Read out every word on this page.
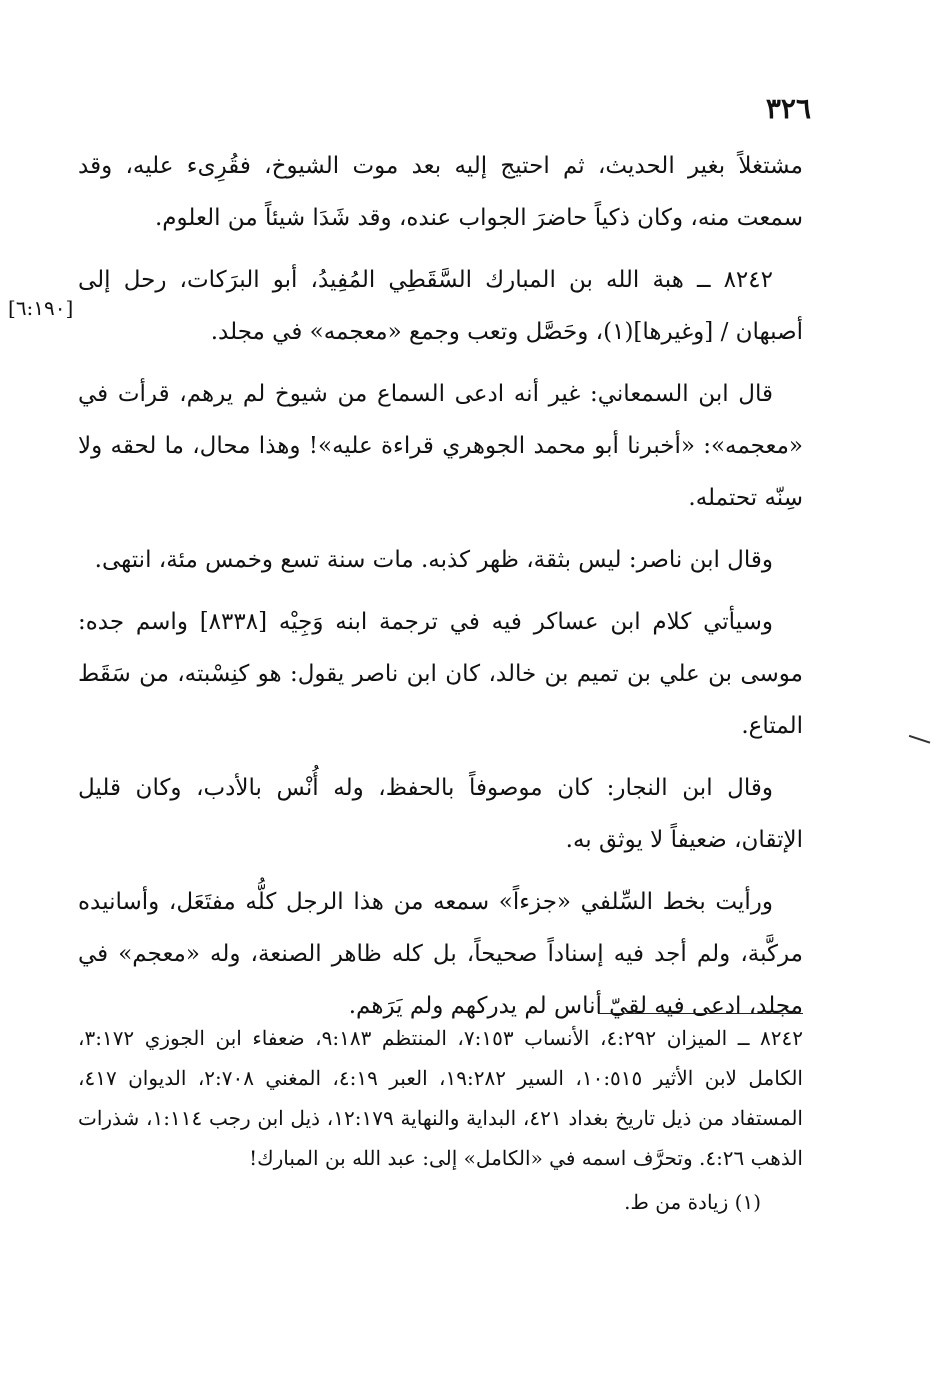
٣٢٦
[٦:١٩٠]

مشتغلاً بغير الحديث، ثم احتيج إليه بعد موت الشيوخ، فقُرِىء عليه، وقد سمعت منه، وكان ذكياً حاضرَ الجواب عنده، وقد شَدَا شيئاً من العلوم.

٨٢٤٢ ــ هبة الله بن المبارك السَّقَطِي المُفِيدُ، أبو البرَكات، رحل إلى أصبهان / [وغيرها](١)، وحَصَّل وتعب وجمع «معجمه» في مجلد.

قال ابن السمعاني: غير أنه ادعى السماع من شيوخ لم يرهم، قرأت في «معجمه»: «أخبرنا أبو محمد الجوهري قراءة عليه»! وهذا محال، ما لحقه ولا سِنّه تحتمله.

وقال ابن ناصر: ليس بثقة، ظهر كذبه. مات سنة تسع وخمس مئة، انتهى.

وسيأتي كلام ابن عساكر فيه في ترجمة ابنه وَجِيْه [٨٣٣٨] واسم جده: موسى بن علي بن تميم بن خالد، كان ابن ناصر يقول: هو كنِسْبته، من سَقَط المتاع.

وقال ابن النجار: كان موصوفاً بالحفظ، وله أُنْس بالأدب، وكان قليل الإتقان، ضعيفاً لا يوثق به.

ورأيت بخط السِّلفي «جزءاً» سمعه من هذا الرجل كلُّه مفتَعَل، وأسانيده مركَّبة، ولم أجد فيه إسناداً صحيحاً، بل كله ظاهر الصنعة، وله «معجم» في مجلد، ادعى فيه لقيّ أناس لم يدركهم ولم يَرَهم.

٨٢٤٢ ــ الميزان ٤:٢٩٢، الأنساب ٧:١٥٣، المنتظم ٩:١٨٣، ضعفاء ابن الجوزي ٣:١٧٢، الكامل لابن الأثير ١٠:٥١٥، السير ١٩:٢٨٢، العبر ٤:١٩، المغني ٢:٧٠٨، الديوان ٤١٧، المستفاد من ذيل تاريخ بغداد ٤٢١، البداية والنهاية ١٢:١٧٩، ذيل ابن رجب ١:١١٤، شذرات الذهب ٤:٢٦. وتحرَّف اسمه في «الكامل» إلى: عبد الله بن المبارك!

(١) زيادة من ط.
